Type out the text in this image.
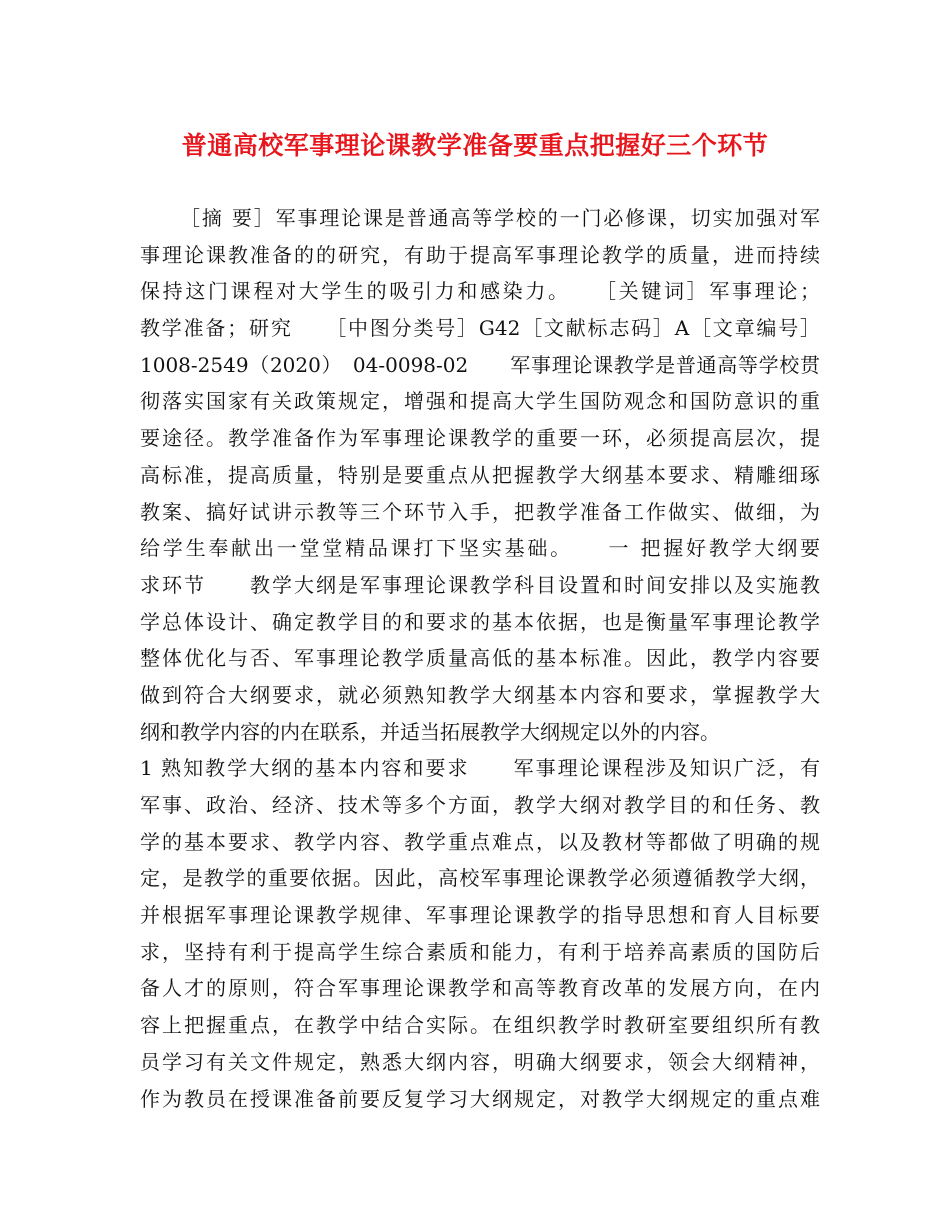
普通高校军事理论课教学准备要重点把握好三个环节
［摘 要］军事理论课是普通高等学校的一门必修课，切实加强对军
事理论课教准备的的研究，有助于提高军事理论教学的质量，进而持续
保持这门课程对大学生的吸引力和感染力。　　［关键词］军事理论；
教学准备；研究　　［中图分类号］G42［文献标志码］A［文章编号］
1008-2549（2020）　04-0098-02　　军事理论课教学是普通高等学校贯
彻落实国家有关政策规定，增强和提高大学生国防观念和国防意识的重
要途径。教学准备作为军事理论课教学的重要一环，必须提高层次，提
高标准，提高质量，特别是要重点从把握教学大纲基本要求、精雕细琢
教案、搞好试讲示教等三个环节入手，把教学准备工作做实、做细，为
给学生奉献出一堂堂精品课打下坚实基础。　　一 把握好教学大纲要
求环节　　教学大纲是军事理论课教学科目设置和时间安排以及实施教
学总体设计、确定教学目的和要求的基本依据，也是衡量军事理论教学
整体优化与否、军事理论教学质量高低的基本标准。因此，教学内容要
做到符合大纲要求，就必须熟知教学大纲基本内容和要求，掌握教学大
纲和教学内容的内在联系，并适当拓展教学大纲规定以外的内容。
1 熟知教学大纲的基本内容和要求　　军事理论课程涉及知识广泛，有
军事、政治、经济、技术等多个方面，教学大纲对教学目的和任务、教
学的基本要求、教学内容、教学重点难点，以及教材等都做了明确的规
定，是教学的重要依据。因此，高校军事理论课教学必须遵循教学大纲，
并根据军事理论课教学规律、军事理论课教学的指导思想和育人目标要
求，坚持有利于提高学生综合素质和能力，有利于培养高素质的国防后
备人才的原则，符合军事理论课教学和高等教育改革的发展方向，在内
容上把握重点，在教学中结合实际。在组织教学时教研室要组织所有教
员学习有关文件规定，熟悉大纲内容，明确大纲要求，领会大纲精神，
作为教员在授课准备前要反复学习大纲规定，对教学大纲规定的重点难
